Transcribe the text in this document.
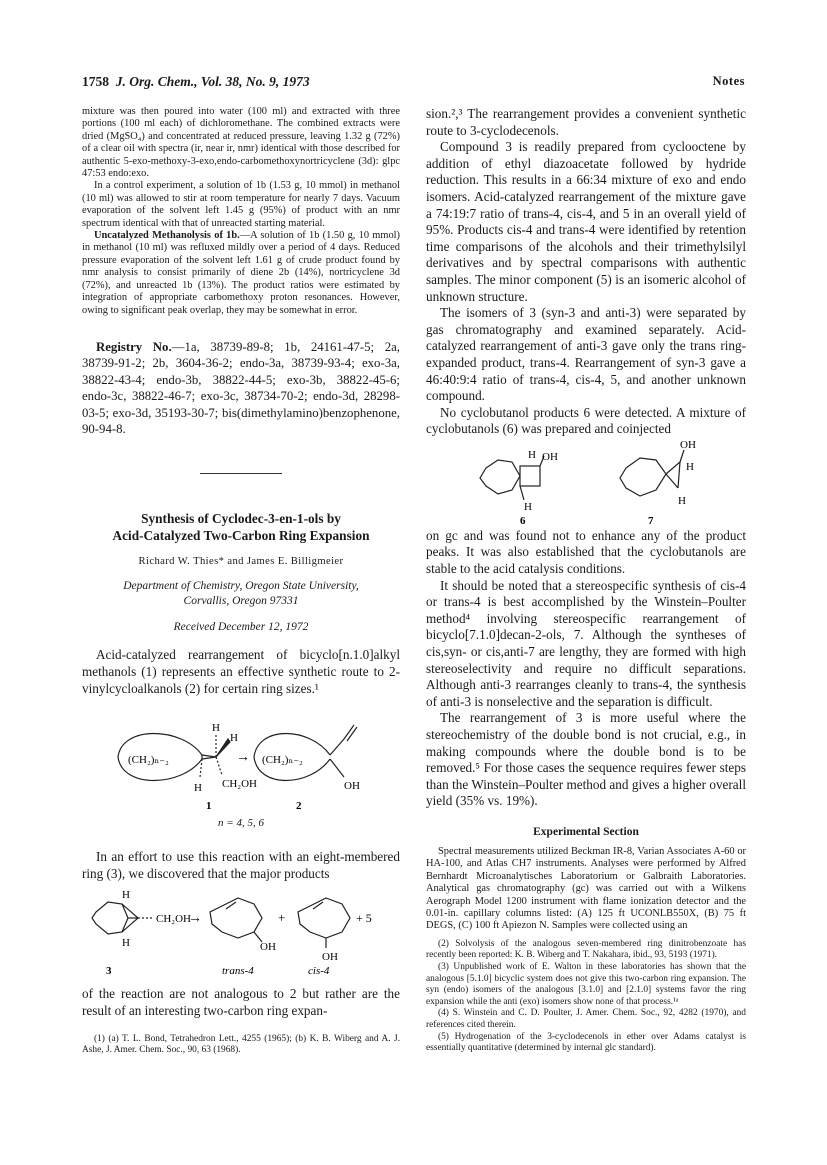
1758 J. Org. Chem., Vol. 38, No. 9, 1973	Notes

mixture was then poured into water (100 ml) and extracted with three portions (100 ml each) of dichloromethane. The combined extracts were dried (MgSO₄) and concentrated at reduced pressure, leaving 1.32 g (72%) of a clear oil with spectra (ir, near ir, nmr) identical with those described for authentic 5-exo-methoxy-3-exo,endo-carbomethoxynortricyclene (3d): glpc 47:53 endo:exo.

In a control experiment, a solution of 1b (1.53 g, 10 mmol) in methanol (10 ml) was allowed to stir at room temperature for nearly 7 days. Vacuum evaporation of the solvent left 1.45 g (95%) of product with an nmr spectrum identical with that of unreacted starting material.

Uncatalyzed Methanolysis of 1b.—A solution of 1b (1.50 g, 10 mmol) in methanol (10 ml) was refluxed mildly over a period of 4 days. Reduced pressure evaporation of the solvent left 1.61 g of crude product found by nmr analysis to consist primarily of diene 2b (14%), nortricyclene 3d (72%), and unreacted 1b (13%). The product ratios were estimated by integration of appropriate carbomethoxy proton resonances. However, owing to significant peak overlap, they may be somewhat in error.

Registry No.—1a, 38739-89-8; 1b, 24161-47-5; 2a, 38739-91-2; 2b, 3604-36-2; endo-3a, 38739-93-4; exo-3a, 38822-43-4; endo-3b, 38822-44-5; exo-3b, 38822-45-6; endo-3c, 38822-46-7; exo-3c, 38734-70-2; endo-3d, 28298-03-5; exo-3d, 35193-30-7; bis(dimethylamino)benzophenone, 90-94-8.

Synthesis of Cyclodec-3-en-1-ols by
Acid-Catalyzed Two-Carbon Ring Expansion
Richard W. Thies* and James E. Billigmeier
Department of Chemistry, Oregon State University,
Corvallis, Oregon 97331
Received December 12, 1972

Acid-catalyzed rearrangement of bicyclo[n.1.0]alkyl methanols (1) represents an effective synthetic route to 2-vinylcycloalkanols (2) for certain ring sizes.¹

(CH₂)ₙ₋₂
H
H
CH₂OH
H
→ (CH₂)ₙ₋₂
OH
1	2
n = 4, 5, 6

In an effort to use this reaction with an eight-membered ring (3), we discovered that the major products

H
CH₂OH
H
→
OH
+
OH
+ 5
3	trans-4	cis-4

of the reaction are not analogous to 2 but rather are the result of an interesting two-carbon ring expan-

(1) (a) T. L. Bond, Tetrahedron Lett., 4255 (1965); (b) K. B. Wiberg and A. J. Ashe, J. Amer. Chem. Soc., 90, 63 (1968).

sion.²,³ The rearrangement provides a convenient synthetic route to 3-cyclodecenols.

Compound 3 is readily prepared from cyclooctene by addition of ethyl diazoacetate followed by hydride reduction. This results in a 66:34 mixture of exo and endo isomers. Acid-catalyzed rearrangement of the mixture gave a 74:19:7 ratio of trans-4, cis-4, and 5 in an overall yield of 95%. Products cis-4 and trans-4 were identified by retention time comparisons of the alcohols and their trimethylsilyl derivatives and by spectral comparisons with authentic samples. The minor component (5) is an isomeric alcohol of unknown structure.

The isomers of 3 (syn-3 and anti-3) were separated by gas chromatography and examined separately. Acid-catalyzed rearrangement of anti-3 gave only the trans ring-expanded product, trans-4. Rearrangement of syn-3 gave a 46:40:9:4 ratio of trans-4, cis-4, 5, and another unknown compound.

No cyclobutanol products 6 were detected. A mixture of cyclobutanols (6) was prepared and coinjected

H OH
H
OH
H
H
6	7

on gc and was found not to enhance any of the product peaks. It was also established that the cyclobutanols are stable to the acid catalysis conditions.

It should be noted that a stereospecific synthesis of cis-4 or trans-4 is best accomplished by the Winstein–Poulter method⁴ involving stereospecific rearrangement of bicyclo[7.1.0]decan-2-ols, 7. Although the syntheses of cis,syn- or cis,anti-7 are lengthy, they are formed with high stereoselectivity and require no difficult separations. Although anti-3 rearranges cleanly to trans-4, the synthesis of anti-3 is nonselective and the separation is difficult.

The rearrangement of 3 is more useful where the stereochemistry of the double bond is not crucial, e.g., in making compounds where the double bond is to be removed.⁵ For those cases the sequence requires fewer steps than the Winstein–Poulter method and gives a higher overall yield (35% vs. 19%).

Experimental Section

Spectral measurements utilized Beckman IR-8, Varian Associates A-60 or HA-100, and Atlas CH7 instruments. Analyses were performed by Alfred Bernhardt Microanalytisches Laboratorium or Galbraith Laboratories. Analytical gas chromatography (gc) was carried out with a Wilkens Aerograph Model 1200 instrument with flame ionization detector and the 0.01-in. capillary columns listed: (A) 125 ft UCONLB550X, (B) 75 ft DEGS, (C) 100 ft Apiezon N. Samples were collected using an

(2) Solvolysis of the analogous seven-membered ring dinitrobenzoate has recently been reported: K. B. Wiberg and T. Nakahara, ibid., 93, 5193 (1971).

(3) Unpublished work of E. Walton in these laboratories has shown that the analogous [5.1.0] bicyclic system does not give this two-carbon ring expansion. The syn (endo) isomers of the analogous [3.1.0] and [2.1.0] systems favor the ring expansion while the anti (exo) isomers show none of that process.¹ᵃ

(4) S. Winstein and C. D. Poulter, J. Amer. Chem. Soc., 92, 4282 (1970), and references cited therein.

(5) Hydrogenation of the 3-cyclodecenols in ether over Adams catalyst is essentially quantitative (determined by internal glc standard).
